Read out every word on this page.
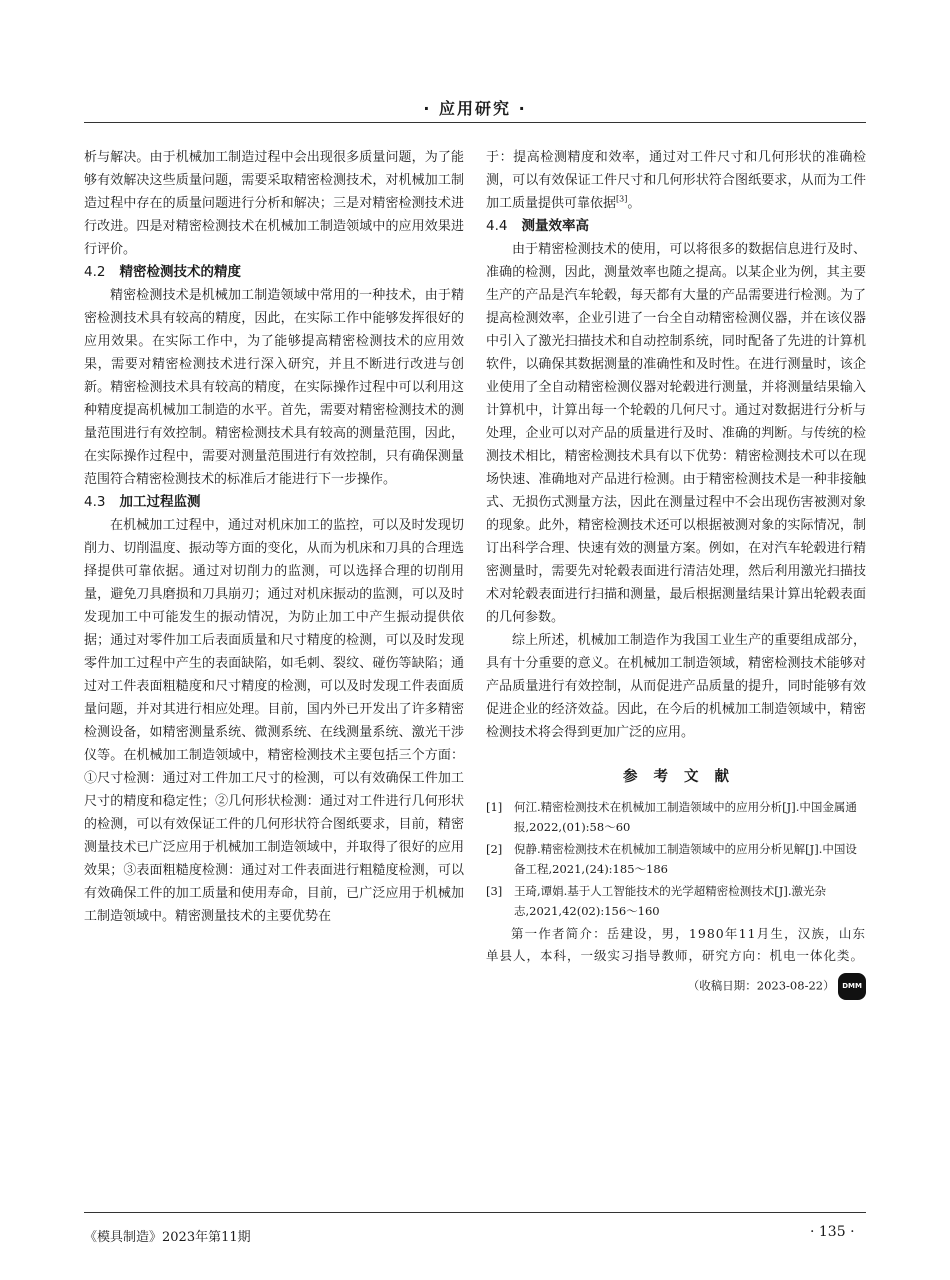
· 应用研究 ·

析与解决。由于机械加工制造过程中会出现很多质量问题，为了能够有效解决这些质量问题，需要采取精密检测技术，对机械加工制造过程中存在的质量问题进行分析和解决；三是对精密检测技术进行改进。四是对精密检测技术在机械加工制造领域中的应用效果进行评价。

4.2 精密检测技术的精度

精密检测技术是机械加工制造领域中常用的一种技术，由于精密检测技术具有较高的精度，因此，在实际工作中能够发挥很好的应用效果。在实际工作中，为了能够提高精密检测技术的应用效果，需要对精密检测技术进行深入研究，并且不断进行改进与创新。精密检测技术具有较高的精度，在实际操作过程中可以利用这种精度提高机械加工制造的水平。首先，需要对精密检测技术的测量范围进行有效控制。精密检测技术具有较高的测量范围，因此，在实际操作过程中，需要对测量范围进行有效控制，只有确保测量范围符合精密检测技术的标准后才能进行下一步操作。

4.3 加工过程监测

在机械加工过程中，通过对机床加工的监控，可以及时发现切削力、切削温度、振动等方面的变化，从而为机床和刀具的合理选择提供可靠依据。通过对切削力的监测，可以选择合理的切削用量，避免刀具磨损和刀具崩刃；通过对机床振动的监测，可以及时发现加工中可能发生的振动情况，为防止加工中产生振动提供依据；通过对零件加工后表面质量和尺寸精度的检测，可以及时发现零件加工过程中产生的表面缺陷，如毛刺、裂纹、碰伤等缺陷；通过对工件表面粗糙度和尺寸精度的检测，可以及时发现工件表面质量问题，并对其进行相应处理。目前，国内外已开发出了许多精密检测设备，如精密测量系统、微测系统、在线测量系统、激光干涉仪等。在机械加工制造领域中，精密检测技术主要包括三个方面：①尺寸检测：通过对工件加工尺寸的检测，可以有效确保工件加工尺寸的精度和稳定性；②几何形状检测：通过对工件进行几何形状的检测，可以有效保证工件的几何形状符合图纸要求，目前，精密测量技术已广泛应用于机械加工制造领域中，并取得了很好的应用效果；③表面粗糙度检测：通过对工件表面进行粗糙度检测，可以有效确保工件的加工质量和使用寿命，目前，已广泛应用于机械加工制造领域中。精密测量技术的主要优势在

于：提高检测精度和效率，通过对工件尺寸和几何形状的准确检测，可以有效保证工件尺寸和几何形状符合图纸要求，从而为工件加工质量提供可靠依据[3]。

4.4 测量效率高

由于精密检测技术的使用，可以将很多的数据信息进行及时、准确的检测，因此，测量效率也随之提高。以某企业为例，其主要生产的产品是汽车轮毂，每天都有大量的产品需要进行检测。为了提高检测效率，企业引进了一台全自动精密检测仪器，并在该仪器中引入了激光扫描技术和自动控制系统，同时配备了先进的计算机软件，以确保其数据测量的准确性和及时性。在进行测量时，该企业使用了全自动精密检测仪器对轮毂进行测量，并将测量结果输入计算机中，计算出每一个轮毂的几何尺寸。通过对数据进行分析与处理，企业可以对产品的质量进行及时、准确的判断。与传统的检测技术相比，精密检测技术具有以下优势：精密检测技术可以在现场快速、准确地对产品进行检测。由于精密检测技术是一种非接触式、无损伤式测量方法，因此在测量过程中不会出现伤害被测对象的现象。此外，精密检测技术还可以根据被测对象的实际情况，制订出科学合理、快速有效的测量方案。例如，在对汽车轮毂进行精密测量时，需要先对轮毂表面进行清洁处理，然后利用激光扫描技术对轮毂表面进行扫描和测量，最后根据测量结果计算出轮毂表面的几何参数。

综上所述，机械加工制造作为我国工业生产的重要组成部分，具有十分重要的意义。在机械加工制造领域，精密检测技术能够对产品质量进行有效控制，从而促进产品质量的提升，同时能够有效促进企业的经济效益。因此，在今后的机械加工制造领域中，精密检测技术将会得到更加广泛的应用。

参考文献
[1]	何江.精密检测技术在机械加工制造领域中的应用分析[J].中国金属通报,2022,(01):58～60
[2]	倪静.精密检测技术在机械加工制造领域中的应用分析见解[J].中国设备工程,2021,(24):185～186
[3]	王琦,谭娟.基于人工智能技术的光学超精密检测技术[J].激光杂志,2021,42(02):156～160

第一作者简介：岳建设，男，1980年11月生，汉族，山东单县人，本科，一级实习指导教师，研究方向：机电一体化类。

（收稿日期：2023-08-22） DMM
《模具制造》2023年第11期	· 135 ·
